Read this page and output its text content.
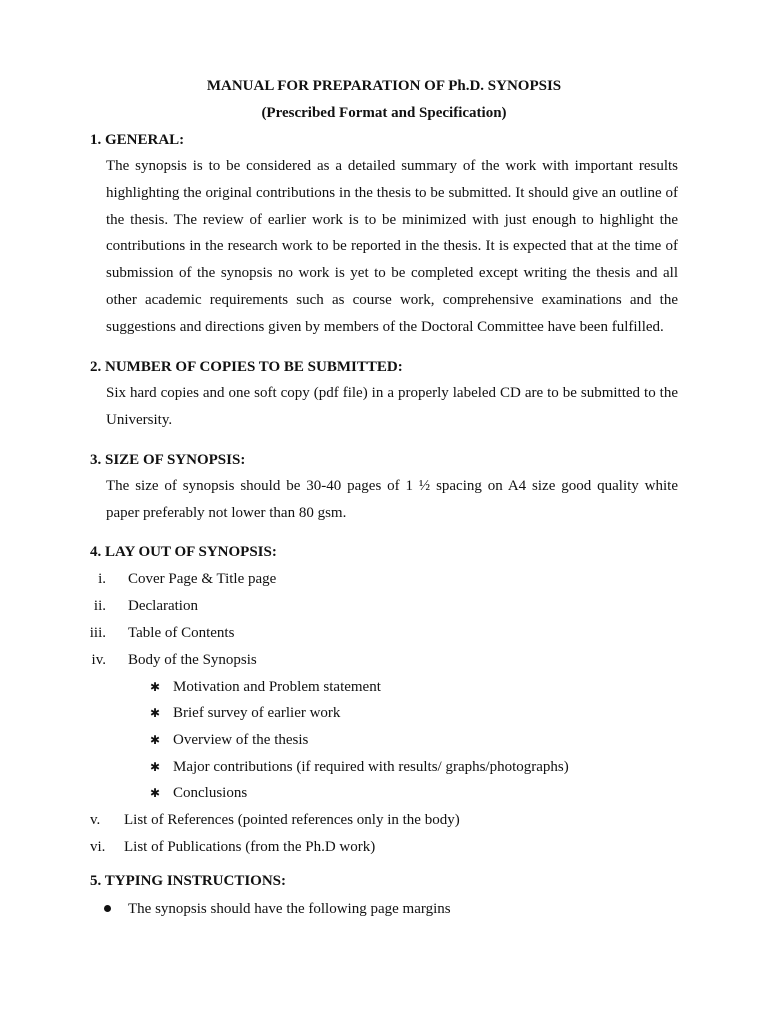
MANUAL FOR PREPARATION OF Ph.D. SYNOPSIS
(Prescribed Format and Specification)
1. GENERAL:
The synopsis is to be considered as a detailed summary of the work with important results
highlighting the original contributions in the thesis to be submitted. It should give an outline of
the thesis. The review of earlier work is to be minimized with just enough to highlight the
contributions in the research work to be reported in the thesis. It is expected that at the time of
submission of the synopsis no work is yet to be completed except writing the thesis and all
other academic requirements such as course work, comprehensive examinations and the
suggestions and directions given by members of the Doctoral Committee have been fulfilled.
2. NUMBER OF COPIES TO BE SUBMITTED:
Six hard copies and one soft copy (pdf file) in a properly labeled CD are to be submitted to the
University.
3. SIZE OF SYNOPSIS:
The size of synopsis should be 30-40 pages of 1 ½ spacing on A4 size good quality white
paper preferably not lower than 80 gsm.
4. LAY OUT OF SYNOPSIS:
i. Cover Page & Title page
ii. Declaration
iii. Table of Contents
iv. Body of the Synopsis
✱ Motivation and Problem statement
✱ Brief survey of earlier work
✱ Overview of the thesis
✱ Major contributions (if required with results/ graphs/photographs)
✱ Conclusions
v. List of References (pointed references only in the body)
vi. List of Publications (from the Ph.D work)
5. TYPING INSTRUCTIONS:
The synopsis should have the following page margins
